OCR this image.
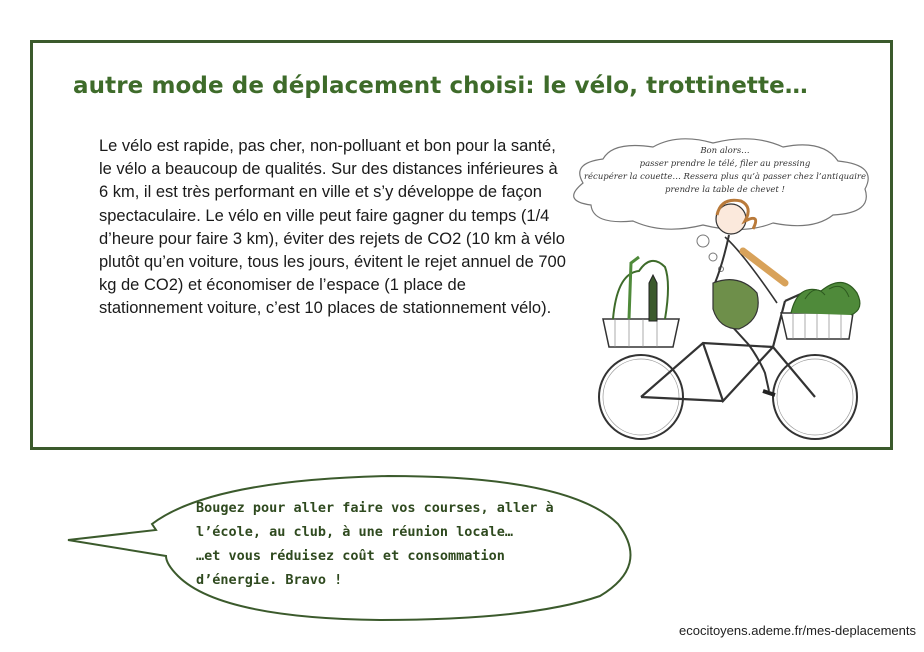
autre mode de déplacement choisi: le vélo, trottinette…

Le vélo est rapide, pas cher, non-polluant et bon pour la santé, le vélo a beaucoup de qualités. Sur des distances inférieures à 6 km, il est très performant en ville et s’y développe de façon spectaculaire. Le vélo en ville peut faire gagner du temps (1/4 d’heure pour faire 3 km), éviter des rejets de CO2 (10 km à vélo plutôt qu’en voiture, tous les jours, évitent le rejet annuel de 700 kg de CO2) et économiser de l’espace (1 place de stationnement voiture, c’est 10 places de stationnement vélo).

Bon alors…
passer prendre le télé, filer au pressing
récupérer la couette… Ressera plus qu’à passer chez l’antiquaire
prendre la table de chevet !

Bougez pour aller faire vos courses, aller à
l’école, au club, à une réunion locale…
…et vous réduisez coût et consommation
d’énergie. Bravo !

ecocitoyens.ademe.fr/mes-deplacements
